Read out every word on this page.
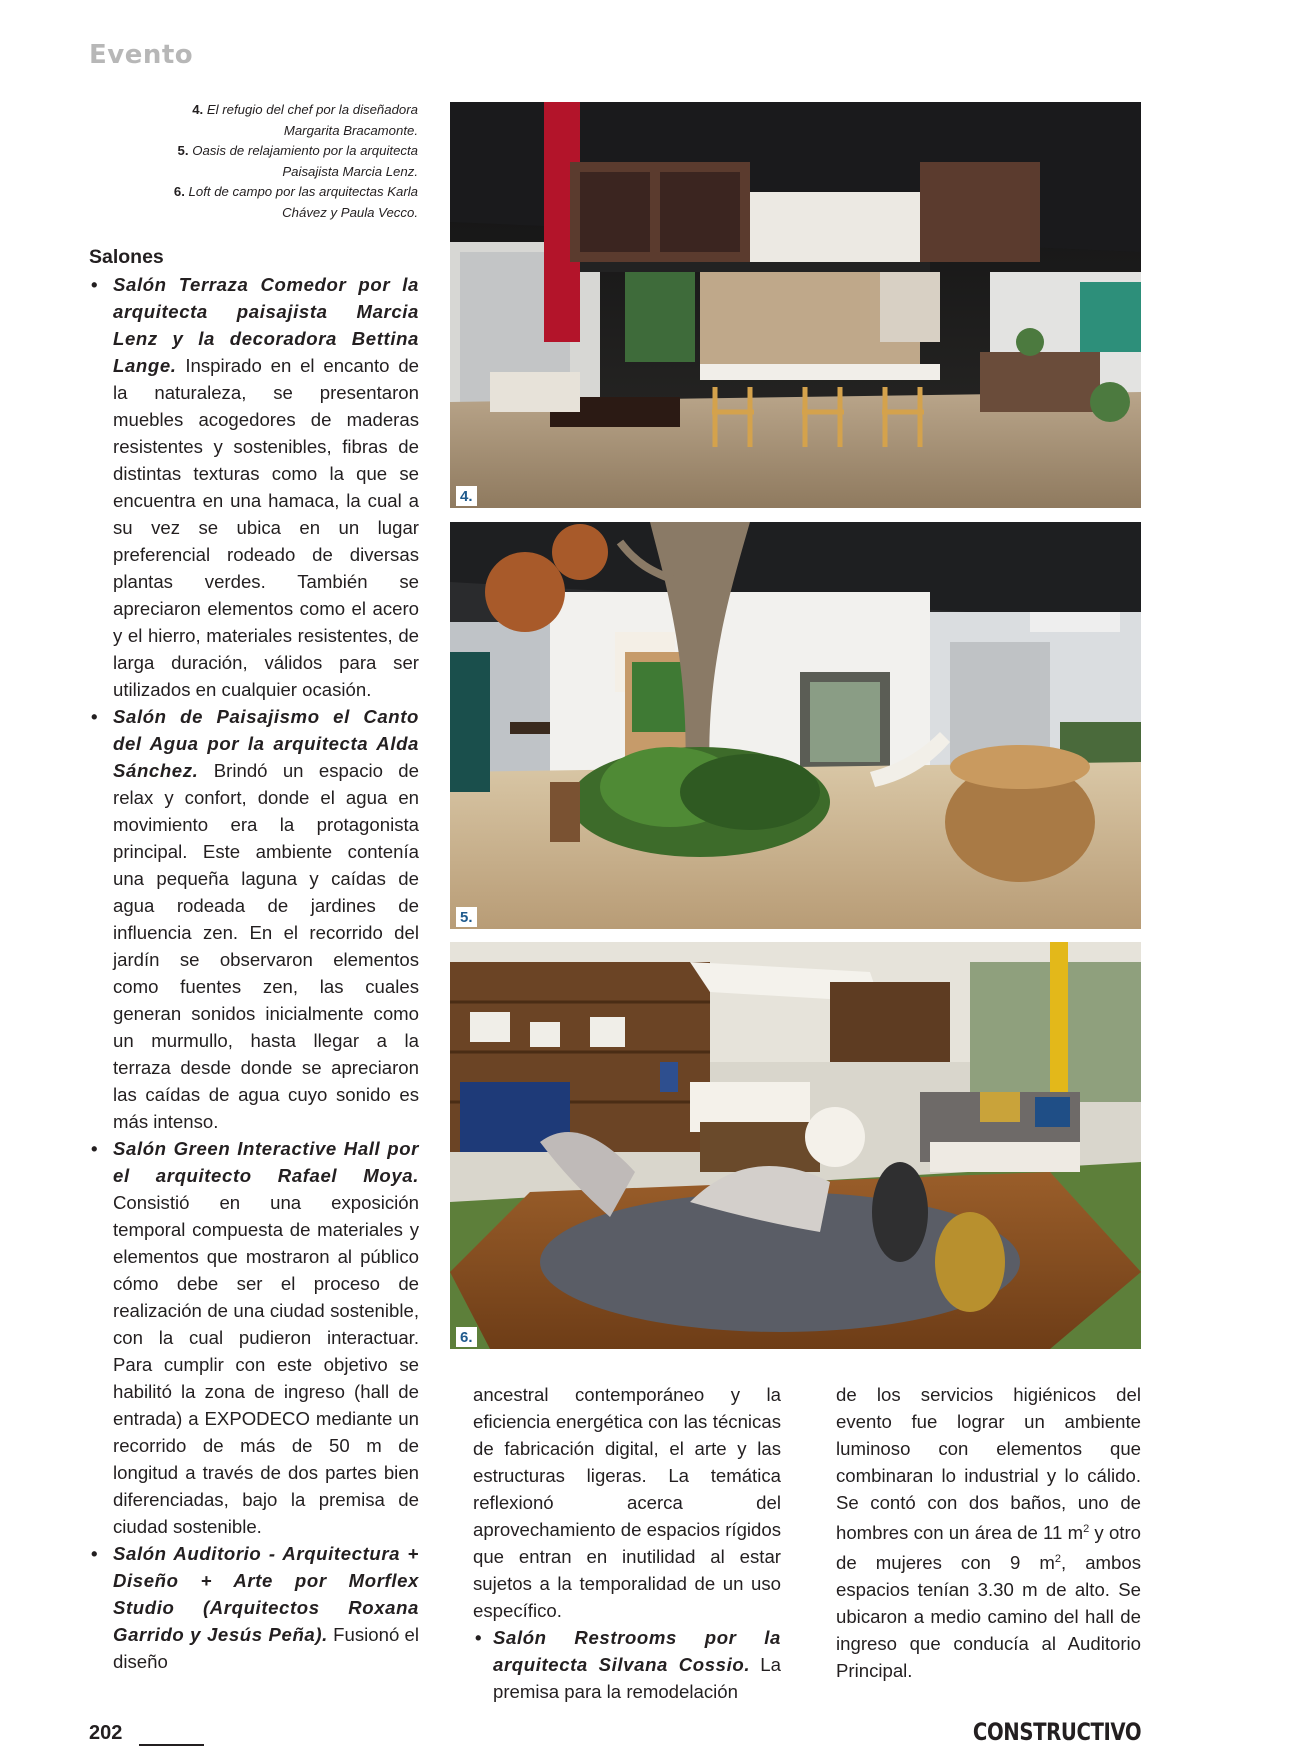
Evento
4. El refugio del chef por la diseñadora Margarita Bracamonte.
5. Oasis de relajamiento por la arquitecta Paisajista Marcia Lenz.
6. Loft de campo por las arquitectas Karla Chávez y Paula Vecco.
Salones
• Salón Terraza Comedor por la arquitecta paisajista Marcia Lenz y la decoradora Bettina Lange. Inspirado en el encanto de la naturaleza, se presentaron muebles acogedores de maderas resistentes y sostenibles, fibras de distintas texturas como la que se encuentra en una hamaca, la cual a su vez se ubica en un lugar preferencial rodeado de diversas plantas verdes. También se apreciaron elementos como el acero y el hierro, materiales resistentes, de larga duración, válidos para ser utilizados en cualquier ocasión.
• Salón de Paisajismo el Canto del Agua por la arquitecta Alda Sánchez. Brindó un espacio de relax y confort, donde el agua en movimiento era la protagonista principal. Este ambiente contenía una pequeña laguna y caídas de agua rodeada de jardines de influencia zen. En el recorrido del jardín se observaron elementos como fuentes zen, las cuales generan sonidos inicialmente como un murmullo, hasta llegar a la terraza desde donde se apreciaron las caídas de agua cuyo sonido es más intenso.
• Salón Green Interactive Hall por el arquitecto Rafael Moya. Consistió en una exposición temporal compuesta de materiales y elementos que mostraron al público cómo debe ser el proceso de realización de una ciudad sostenible, con la cual pudieron interactuar. Para cumplir con este objetivo se habilitó la zona de ingreso (hall de entrada) a EXPODECO mediante un recorrido de más de 50 m de longitud a través de dos partes bien diferenciadas, bajo la premisa de ciudad sostenible.
• Salón Auditorio - Arquitectura + Diseño + Arte por Morflex Studio (Arquitectos Roxana Garrido y Jesús Peña). Fusionó el diseño

ancestral contemporáneo y la eficiencia energética con las técnicas de fabricación digital, el arte y las estructuras ligeras. La temática reflexionó acerca del aprovechamiento de espacios rígidos que entran en inutilidad al estar sujetos a la temporalidad de un uso específico.

• Salón Restrooms por la arquitecta Silvana Cossio. La premisa para la remodelación

de los servicios higiénicos del evento fue lograr un ambiente luminoso con elementos que combinaran lo industrial y lo cálido. Se contó con dos baños, uno de hombres con un área de 11 $m^2$ y otro de mujeres con 9 $m^2$, ambos espacios tenían 3.30 m de alto. Se ubicaron a medio camino del hall de ingreso que conducía al Auditorio Principal.

4.
5.
6.
202	CONSTRUCTIVO
